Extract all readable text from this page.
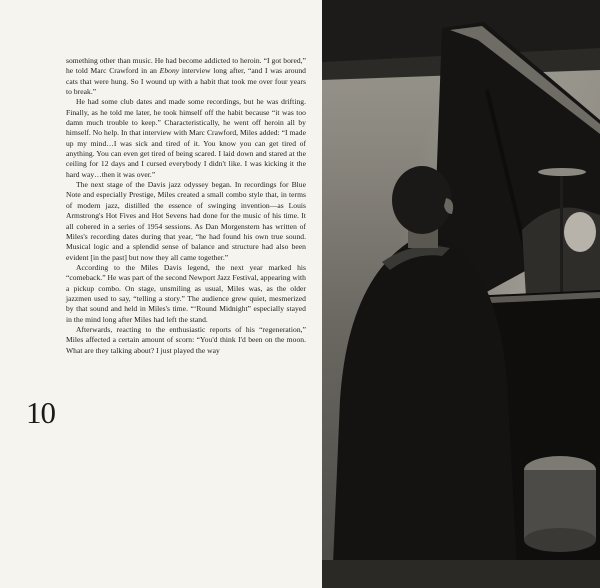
something other than music. He had become addicted to heroin. “I got bored,” he told Marc Crawford in an Ebony interview long after, “and I was around cats that were hung. So I wound up with a habit that took me over four years to break.”

He had some club dates and made some recordings, but he was drifting. Finally, as he told me later, he took himself off the habit because “it was too damn much trouble to keep.” Characteristically, he went off heroin all by himself. No help. In that interview with Marc Crawford, Miles added: “I made up my mind…I was sick and tired of it. You know you can get tired of anything. You can even get tired of being scared. I laid down and stared at the ceiling for 12 days and I cursed everybody I didn't like. I was kicking it the hard way…then it was over.”

The next stage of the Davis jazz odyssey began. In recordings for Blue Note and especially Prestige, Miles created a small combo style that, in terms of modern jazz, distilled the essence of swinging invention—as Louis Armstrong's Hot Fives and Hot Sevens had done for the music of his time. It all cohered in a series of 1954 sessions. As Dan Morgenstern has written of Miles's recording dates during that year, “he had found his own true sound. Musical logic and a splendid sense of balance and structure had also been evident [in the past] but now they all came together.”

According to the Miles Davis legend, the next year marked his “comeback.” He was part of the second Newport Jazz Festival, appearing with a pickup combo. On stage, unsmiling as usual, Miles was, as the older jazzmen used to say, “telling a story.” The audience grew quiet, mesmerized by that sound and held in Miles's time. “‘Round Midnight” especially stayed in the mind long after Miles had left the stand.

Afterwards, reacting to the enthusiastic reports of his “regeneration,” Miles affected a certain amount of scorn: “You'd think I'd been on the moon. What are they talking about? I just played the way

10
